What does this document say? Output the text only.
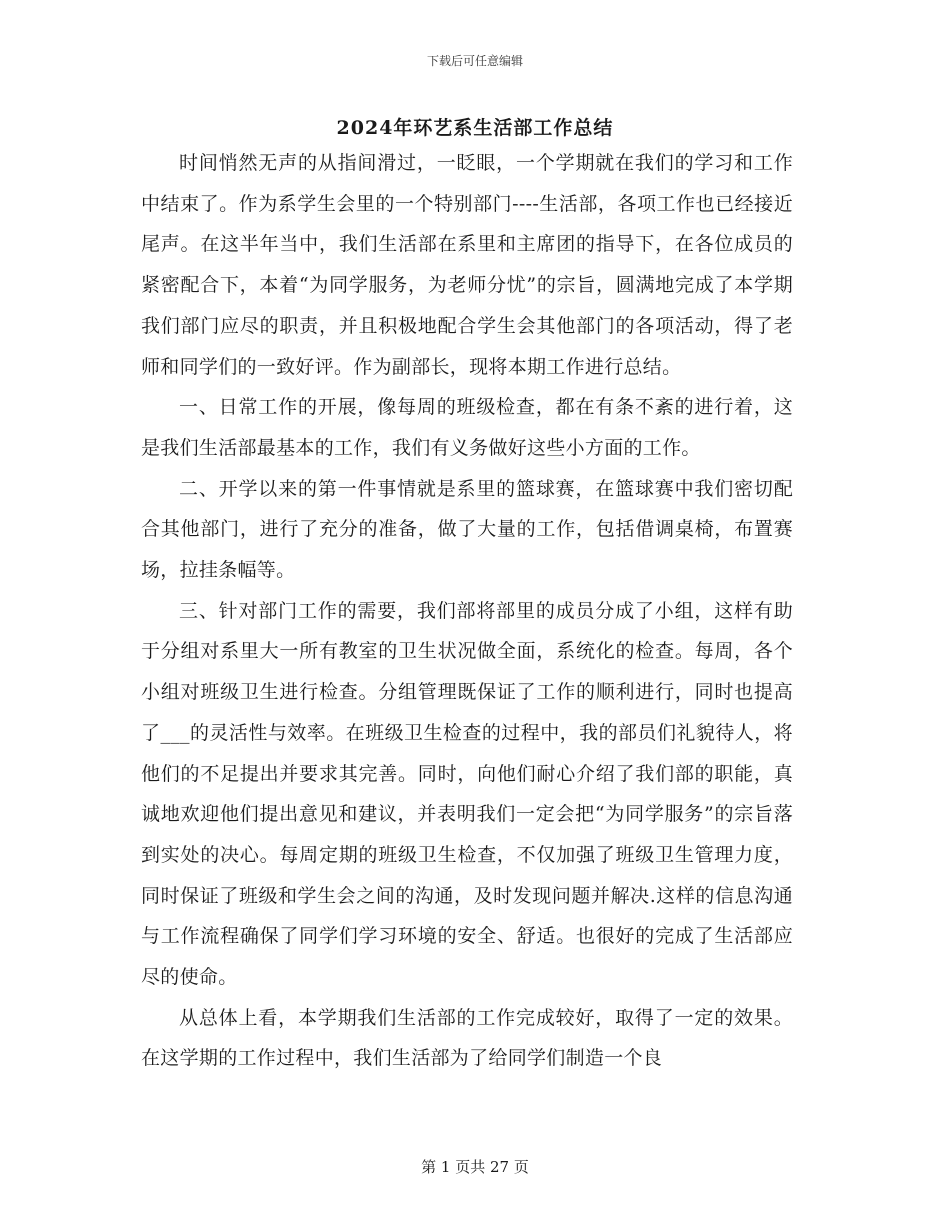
下载后可任意编辑
2024年环艺系生活部工作总结

时间悄然无声的从指间滑过，一眨眼，一个学期就在我们的学习和工作中结束了。作为系学生会里的一个特别部门----生活部，各项工作也已经接近尾声。在这半年当中，我们生活部在系里和主席团的指导下，在各位成员的紧密配合下，本着“为同学服务，为老师分忧”的宗旨，圆满地完成了本学期我们部门应尽的职责，并且积极地配合学生会其他部门的各项活动，得了老师和同学们的一致好评。作为副部长，现将本期工作进行总结。

一、日常工作的开展，像每周的班级检查，都在有条不紊的进行着，这是我们生活部最基本的工作，我们有义务做好这些小方面的工作。

二、开学以来的第一件事情就是系里的篮球赛，在篮球赛中我们密切配合其他部门，进行了充分的准备，做了大量的工作，包括借调桌椅，布置赛场，拉挂条幅等。

三、针对部门工作的需要，我们部将部里的成员分成了小组，这样有助于分组对系里大一所有教室的卫生状况做全面，系统化的检查。每周，各个小组对班级卫生进行检查。分组管理既保证了工作的顺利进行，同时也提高了___的灵活性与效率。在班级卫生检查的过程中，我的部员们礼貌待人，将他们的不足提出并要求其完善。同时，向他们耐心介绍了我们部的职能，真诚地欢迎他们提出意见和建议，并表明我们一定会把“为同学服务”的宗旨落到实处的决心。每周定期的班级卫生检查，不仅加强了班级卫生管理力度，同时保证了班级和学生会之间的沟通，及时发现问题并解决.这样的信息沟通与工作流程确保了同学们学习环境的安全、舒适。也很好的完成了生活部应尽的使命。

从总体上看，本学期我们生活部的工作完成较好，取得了一定的效果。在这学期的工作过程中，我们生活部为了给同学们制造一个良

第 1 页共 27 页
